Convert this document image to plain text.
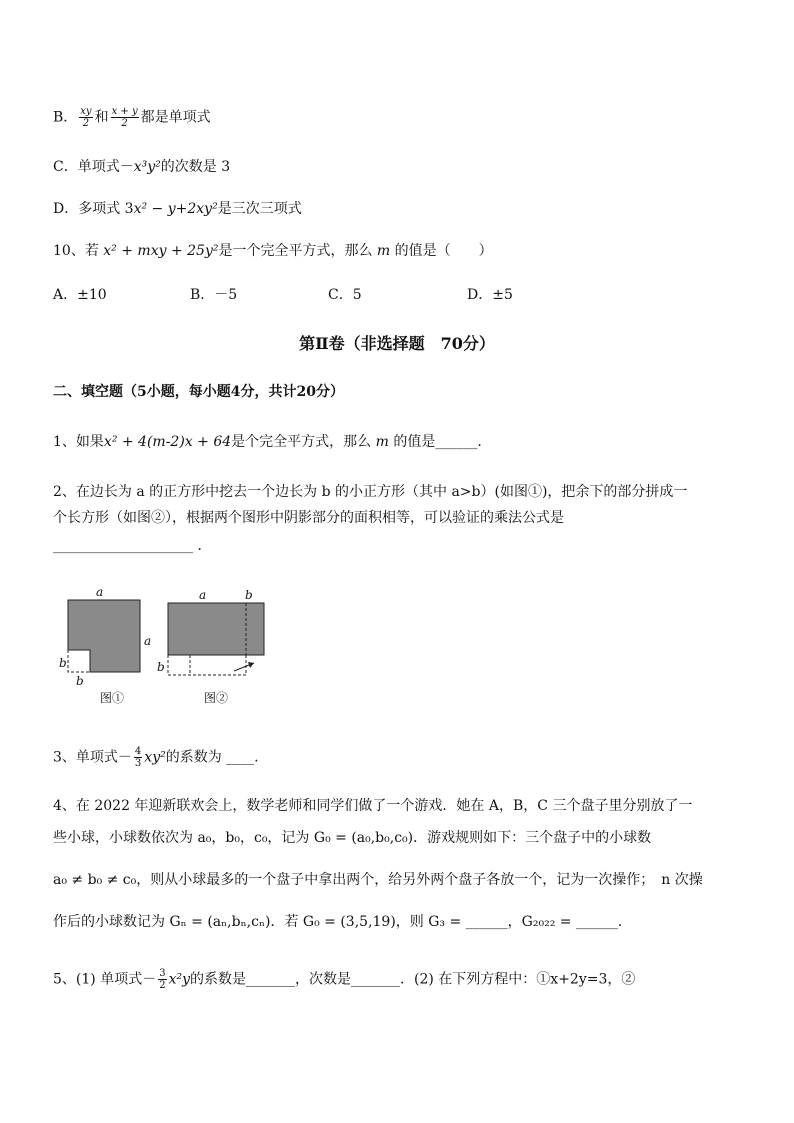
B． $\frac{xy}{2}$ 和 $\frac{x + y}{2}$ 都是单项式
C．单项式－x³y²的次数是 3
D．多项式 3x² − y+2xy²是三次三项式
10、若 x² + mxy + 25y²是一个完全平方式，那么 m 的值是（　　）
A．±10	B．－5	C．5	D．±5
第Ⅱ卷（非选择题　70分）
二、填空题（5小题，每小题4分，共计20分）
1、如果x² + 4(m-2)x + 64是个完全平方式，那么 m 的值是______.
2、在边长为 a 的正方形中挖去一个边长为 b 的小正方形（其中 a>b）(如图①)，把余下的部分拼成一
个长方形（如图②），根据两个图形中阴影部分的面积相等，可以验证的乘法公式是
____________________ ．
a
a
b
b
图①
a	b
b
图②
3、单项式－ $\frac{4}{3} xy^2$的系数为 ____.
4、在 2022 年迎新联欢会上，数学老师和同学们做了一个游戏．她在 A，B，C 三个盘子里分别放了一
些小球，小球数依次为 a₀，b₀，c₀，记为 G₀ = (a₀,b₀,c₀)．游戏规则如下：三个盘子中的小球数
a₀ ≠ b₀ ≠ c₀，则从小球最多的一个盘子中拿出两个，给另外两个盘子各放一个，记为一次操作；　n 次操
作后的小球数记为 Gₙ = (aₙ,bₙ,cₙ)．若 G₀ = (3,5,19)，则 G₃ = ______，G₂₀₂₂ = ______.
5、(1) 单项式－ $\frac{3}{2} x^2y$的系数是_______，次数是_______．(2) 在下列方程中：①x+2y=3，②
